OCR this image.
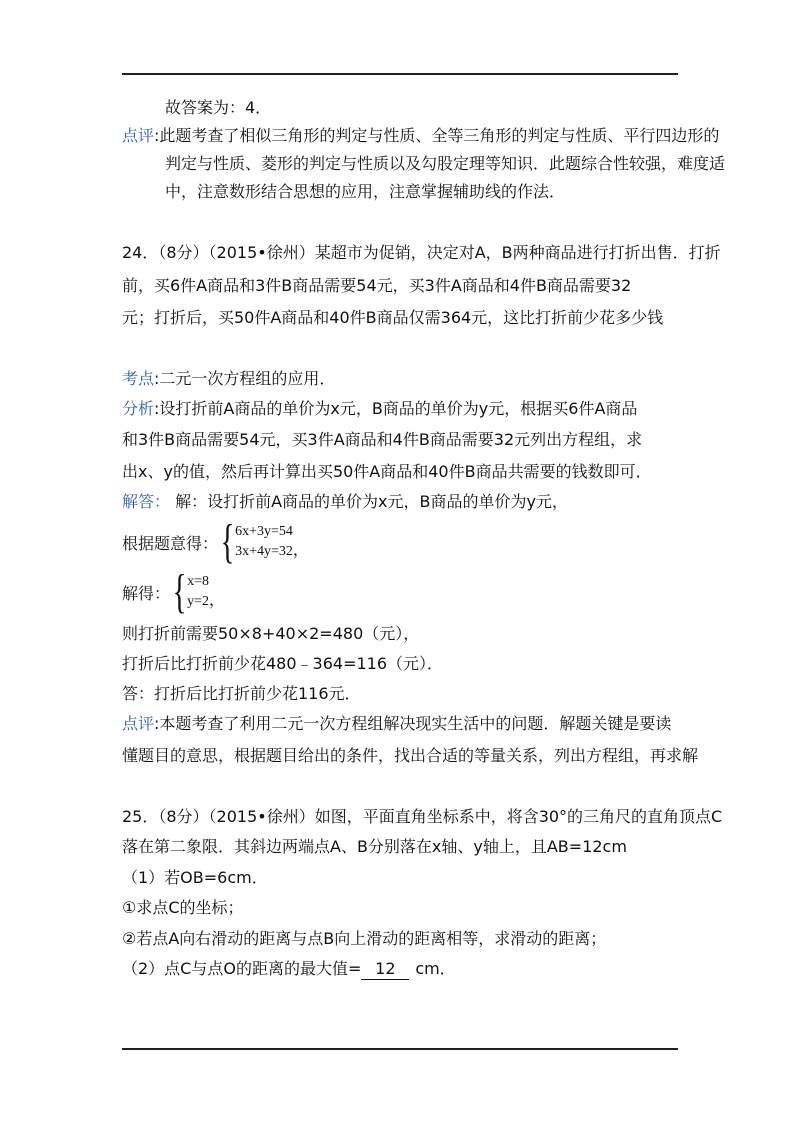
故答案为：4．
点评:此题考查了相似三角形的判定与性质、全等三角形的判定与性质、平行四边形的
判定与性质、菱形的判定与性质以及勾股定理等知识．此题综合性较强，难度适
中，注意数形结合思想的应用，注意掌握辅助线的作法．
24．（8分）（2015•徐州）某超市为促销，决定对A，B两种商品进行打折出售．打折
前，买6件A商品和3件B商品需要54元，买3件A商品和4件B商品需要32
元；打折后，买50件A商品和40件B商品仅需364元，这比打折前少花多少钱
考点:二元一次方程组的应用．
分析:设打折前A商品的单价为x元，B商品的单价为y元，根据买6件A商品
和3件B商品需要54元，买3件A商品和4件B商品需要32元列出方程组，求
出x、y的值，然后再计算出买50件A商品和40件B商品共需要的钱数即可．
解答： 解：设打折前A商品的单价为x元，B商品的单价为y元，
根据题意得： { 6x+3y=54
3x+4y=32 ，
解得： { x=8
y=2 ，
则打折前需要50×8+40×2=480（元），
打折后比打折前少花480﹣364=116（元）．
答：打折后比打折前少花116元．
点评:本题考查了利用二元一次方程组解决现实生活中的问题．解题关键是要读
懂题目的意思，根据题目给出的条件，找出合适的等量关系，列出方程组，再求解
25．（8分）（2015•徐州）如图，平面直角坐标系中，将含30°的三角尺的直角顶点C
落在第二象限．其斜边两端点A、B分别落在x轴、y轴上，且AB=12cm
（1）若OB=6cm．
①求点C的坐标；
②若点A向右滑动的距离与点B向上滑动的距离相等，求滑动的距离；
（2）点C与点O的距离的最大值= 12 cm．
